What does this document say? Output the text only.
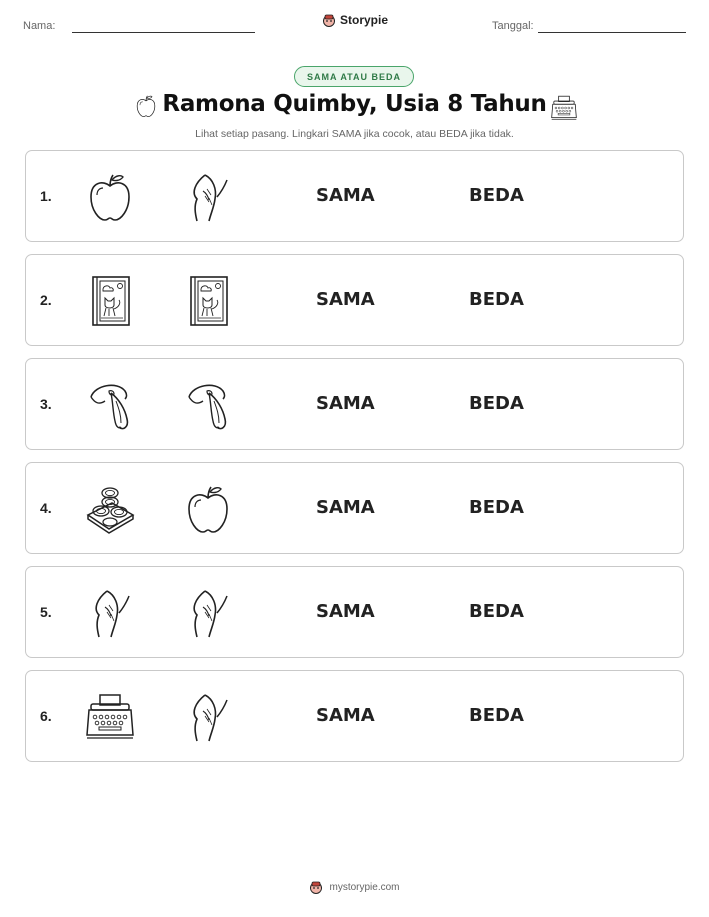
Nama:	Storypie	Tanggal:
SAMA ATAU BEDA
Ramona Quimby, Usia 8 Tahun
Lihat setiap pasang. Lingkari SAMA jika cocok, atau BEDA jika tidak.
1.	SAMA	BEDA
2.	SAMA	BEDA
3.	SAMA	BEDA
4.	SAMA	BEDA
5.	SAMA	BEDA
6.	SAMA	BEDA
mystorypie.com
